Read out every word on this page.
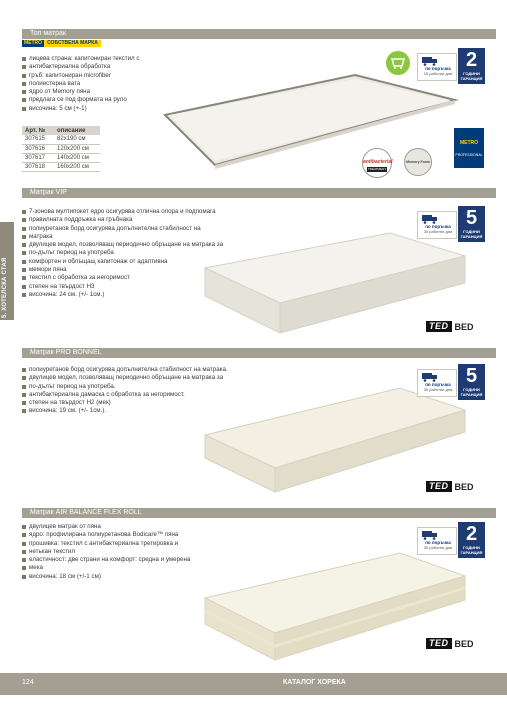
5. ХОТЕЛСКА СТАЯ
Топ матрак
METRO	СОБСТВЕНА МАРКА
лицева страна: капитониран текстил с
антибактериална обработка
гръб: капитониран microfiber
полиестерна вата
ядро от Memory пяна
предлага се под формата на руло
височина: 5 см (+-1)
Арт. №	описание
307615	82x190 см
307616	120x200 см
307617	140x200 см
307618	160x200 см
по поръчка
15 работни дни
2
ГОДИНИ ГАРАНЦИЯ
antibacterial
TREATMENT
Memory Foam
METRO
PROFESSIONAL
Матрак VIP
7-зонова мултипокет ядро осигурява отлична опора и подпомага
правилната поддръжка на гръбнака
полиуретанов борд осигурява допълнителна стабилност на
матрака
двулицев модел, позволяващ периодично обръщане на матрака за
по-дълъг период на употреба
комфортен и облъщащ капитонаж от адаптивна
мемори пяна
текстил с обработка за негоримост
степен на твърдост Н3
височина: 24 см. (+/- 1см.)
по поръчка
30 работни дни
5
ГОДИНИ ГАРАНЦИЯ
TED BED
Матрак PRO BONNEL
полиуретанов борд осигурява допълнителна стабилност на матрака.
двулицев модел, позволяващ периодично обръщане на матрака за
по-дълъг период на употреба.
антибактериална дамаска с обработка за негоримост.
степен на твърдост Н2 (мек)
височина: 19 см. (+/- 1см.).
по поръчка
30 работни дни
5
ГОДИНИ ГАРАНЦИЯ
TED BED
Матрак AIR BALANCE FLEX ROLL
двулицев матрак от пяна
ядро: профилирана полиуретанова Bodicare™ пяна
прошивка: текстил с антибактериална третировка и
нетькан текстил
еластичност: две страни на комфорт: средна и умерена
мека
височина: 18 см (+/-1 см)
по поръчка
30 работни дни
2
ГОДИНИ ГАРАНЦИЯ
TED BED
124	КАТАЛОГ ХОРЕКА
